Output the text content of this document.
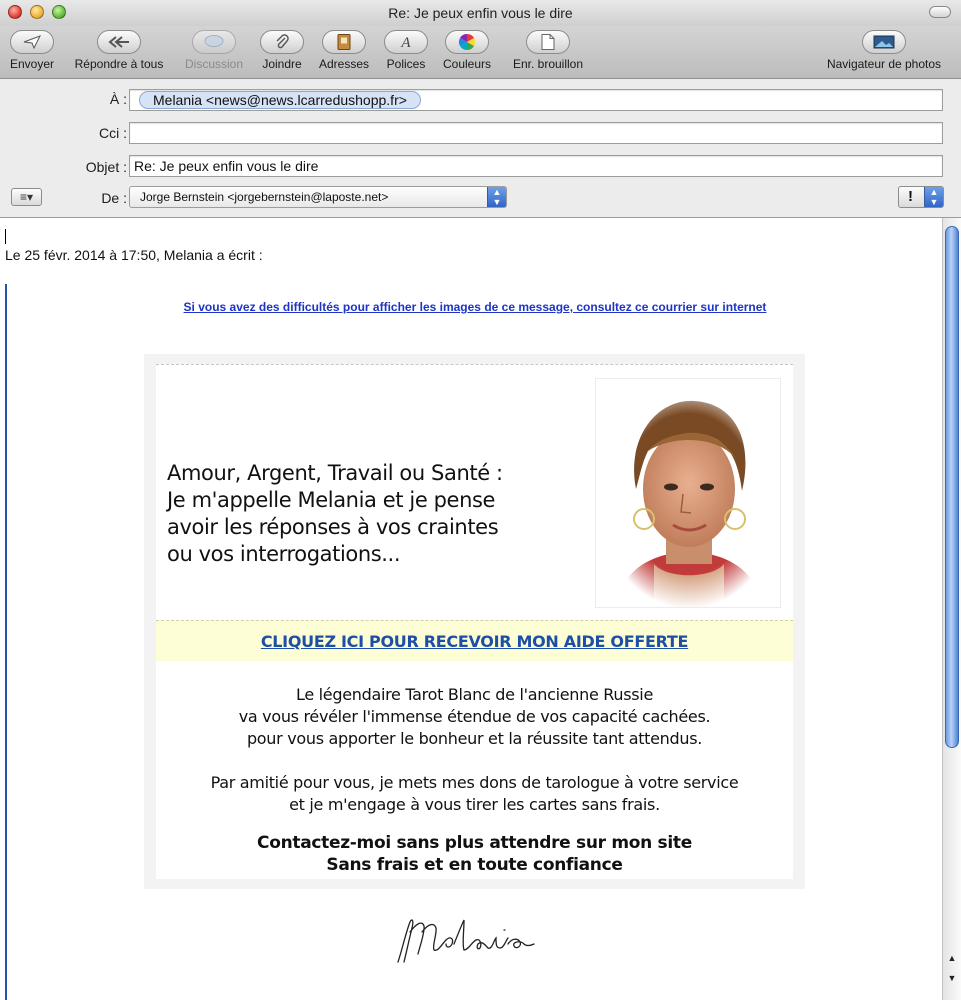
Re: Je peux enfin vous le dire
Envoyer	Répondre à tous	Discussion	Joindre	Adresses
A
Polices	Couleurs	Enr. brouillon	Navigateur de photos
À :	Melania <news@news.lcarredushopp.fr>
Cci :
Objet : Re: Je peux enfin vous le dire
≡▾	De : Jorge Bernstein <jorgebernstein@laposte.net>	▲
▼	!	▲
▼
Le 25 févr. 2014 à 17:50, Melania a écrit :
Si vous avez des difficultés pour afficher les images de ce message, consultez ce courrier sur internet
Amour, Argent, Travail ou Santé :
Je m'appelle Melania et je pense
avoir les réponses à vos craintes
ou vos interrogations...
CLIQUEZ ICI POUR RECEVOIR MON AIDE OFFERTE
Le légendaire Tarot Blanc de l'ancienne Russie
va vous révéler l'immense étendue de vos capacité cachées.
pour vous apporter le bonheur et la réussite tant attendus.
Par amitié pour vous, je mets mes dons de tarologue à votre service
et je m'engage à vous tirer les cartes sans frais.
Contactez-moi sans plus attendre sur mon site
Sans frais et en toute confiance
▲
▼
